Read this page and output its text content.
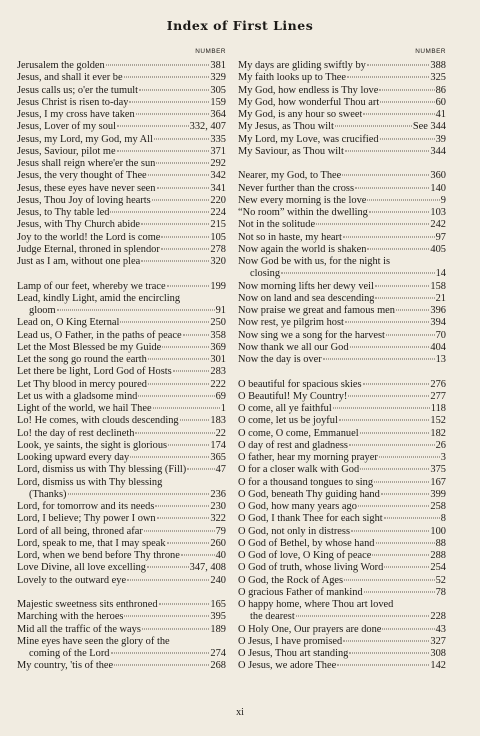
Index of First Lines
NUMBER
Jerusalem the golden	381
Jesus, and shall it ever be	329
Jesus calls us; o'er the tumult	305
Jesus Christ is risen to-day	159
Jesus, I my cross have taken	364
Jesus, Lover of my soul	332, 407
Jesus, my Lord, my God, my All	335
Jesus, Saviour, pilot me	371
Jesus shall reign where'er the sun	292
Jesus, the very thought of Thee	342
Jesus, these eyes have never seen	341
Jesus, Thou Joy of loving hearts	220
Jesus, to Thy table led	224
Jesus, with Thy Church abide	215
Joy to the world! the Lord is come	105
Judge Eternal, throned in splendor	278
Just as I am, without one plea	320
Lamp of our feet, whereby we trace	199
Lead, kindly Light, amid the encircling
gloom	91
Lead on, O King Eternal	250
Lead us, O Father, in the paths of peace	358
Let the Most Blessed be my Guide	369
Let the song go round the earth	301
Let there be light, Lord God of Hosts	283
Let Thy blood in mercy poured	222
Let us with a gladsome mind	69
Light of the world, we hail Thee	1
Lo! He comes, with clouds descending	183
Lo! the day of rest declineth	22
Look, ye saints, the sight is glorious	174
Looking upward every day	365
Lord, dismiss us with Thy blessing (Fill)	47
Lord, dismiss us with Thy blessing
(Thanks)	236
Lord, for tomorrow and its needs	230
Lord, I believe; Thy power I own	322
Lord of all being, throned afar	79
Lord, speak to me, that I may speak	260
Lord, when we bend before Thy throne	40
Love Divine, all love excelling	347, 408
Lovely to the outward eye	240
Majestic sweetness sits enthroned	165
Marching with the heroes	395
Mid all the traffic of the ways	189
Mine eyes have seen the glory of the
coming of the Lord	274
My country, 'tis of thee	268
NUMBER
My days are gliding swiftly by	388
My faith looks up to Thee	325
My God, how endless is Thy love	86
My God, how wonderful Thou art	60
My God, is any hour so sweet	41
My Jesus, as Thou wilt	See 344
My Lord, my Love, was crucified	39
My Saviour, as Thou wilt	344
Nearer, my God, to Thee	360
Never further than the cross	140
New every morning is the love	9
“No room” within the dwelling	103
Not in the solitude	242
Not so in haste, my heart	97
Now again the world is shaken	405
Now God be with us, for the night is
closing	14
Now morning lifts her dewy veil	158
Now on land and sea descending	21
Now praise we great and famous men	396
Now rest, ye pilgrim host	394
Now sing we a song for the harvest	70
Now thank we all our God	404
Now the day is over	13
O beautiful for spacious skies	276
O Beautiful! My Country!	277
O come, all ye faithful	118
O come, let us be joyful	152
O come, O come, Emmanuel	182
O day of rest and gladness	26
O father, hear my morning prayer	3
O for a closer walk with God	375
O for a thousand tongues to sing	167
O God, beneath Thy guiding hand	399
O God, how many years ago	258
O God, I thank Thee for each sight	8
O God, not only in distress	100
O God of Bethel, by whose hand	88
O God of love, O King of peace	288
O God of truth, whose living Word	254
O God, the Rock of Ages	52
O gracious Father of mankind	78
O happy home, where Thou art loved
the dearest	228
O Holy One, Our prayers are done	43
O Jesus, I have promised	327
O Jesus, Thou art standing	308
O Jesus, we adore Thee	142
xi
